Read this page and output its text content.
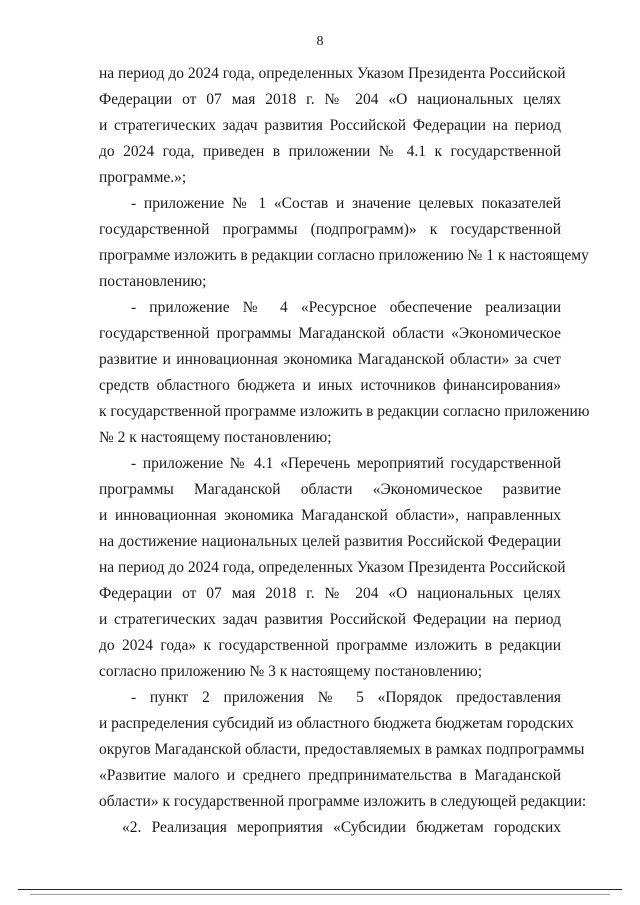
8
на период до 2024 года, определенных Указом Президента Российской
Федерации от 07 мая 2018 г. № 204 «О национальных целях
и стратегических задач развития Российской Федерации на период
до 2024 года, приведен в приложении № 4.1 к государственной
программе.»;
- приложение № 1 «Состав и значение целевых показателей
государственной программы (подпрограмм)» к государственной
программе изложить в редакции согласно приложению № 1 к настоящему
постановлению;
- приложение № 4 «Ресурсное обеспечение реализации
государственной программы Магаданской области «Экономическое
развитие и инновационная экономика Магаданской области» за счет
средств областного бюджета и иных источников финансирования»
к государственной программе изложить в редакции согласно приложению
№ 2 к настоящему постановлению;
- приложение № 4.1 «Перечень мероприятий государственной
программы Магаданской области «Экономическое развитие
и инновационная экономика Магаданской области», направленных
на достижение национальных целей развития Российской Федерации
на период до 2024 года, определенных Указом Президента Российской
Федерации от 07 мая 2018 г. № 204 «О национальных целях
и стратегических задач развития Российской Федерации на период
до 2024 года» к государственной программе изложить в редакции
согласно приложению № 3 к настоящему постановлению;
- пункт 2 приложения № 5 «Порядок предоставления
и распределения субсидий из областного бюджета бюджетам городских
округов Магаданской области, предоставляемых в рамках подпрограммы
«Развитие малого и среднего предпринимательства в Магаданской
области» к государственной программе изложить в следующей редакции:
«2. Реализация мероприятия «Субсидии бюджетам городских
